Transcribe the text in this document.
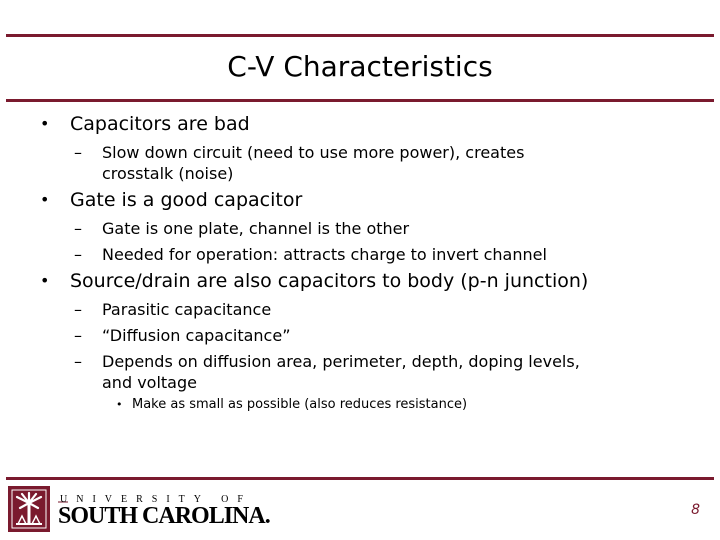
C-V Characteristics
• Capacitors are bad
– Slow down circuit (need to use more power), creates
crosstalk (noise)
• Gate is a good capacitor
– Gate is one plate, channel is the other
– Needed for operation: attracts charge to invert channel
• Source/drain are also capacitors to body (p-n junction)
– Parasitic capacitance
– “Diffusion capacitance”
– Depends on diffusion area, perimeter, depth, doping levels,
and voltage
• Make as small as possible (also reduces resistance)
UNIVERSITY OF
SOUTH CAROLINA.	8
